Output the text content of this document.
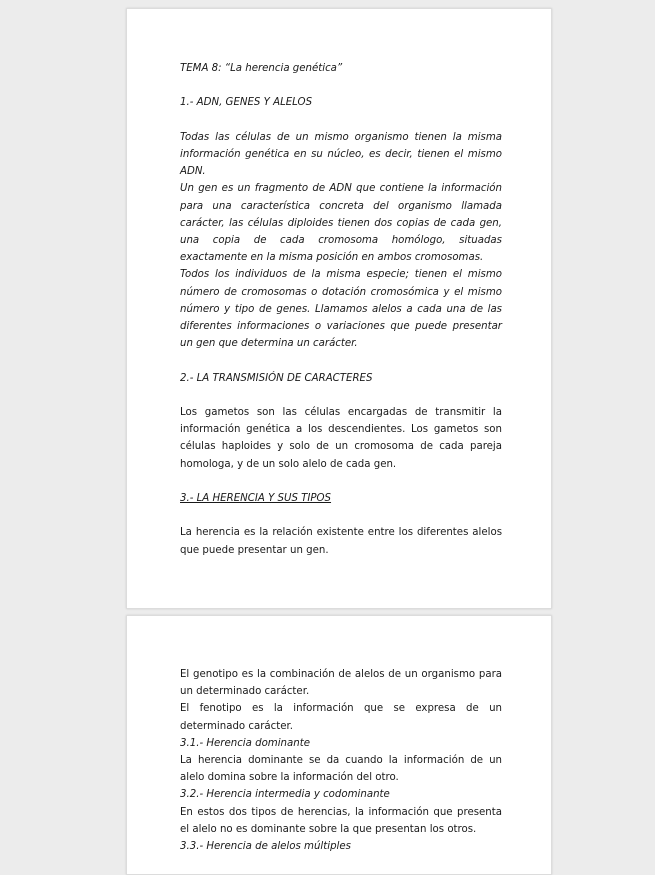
TEMA 8: “La herencia genética”

1.- ADN, GENES Y ALELOS

Todas las células de un mismo organismo tienen la misma información genética en su núcleo, es decir, tienen el mismo ADN.

Un gen es un fragmento de ADN que contiene la información para una característica concreta del organismo llamada carácter, las células diploides tienen dos copias de cada gen, una copia de cada cromosoma homólogo, situadas exactamente en la misma posición en ambos cromosomas.

Todos los individuos de la misma especie; tienen el mismo número de cromosomas o dotación cromosómica y el mismo número y tipo de genes. Llamamos alelos a cada una de las diferentes informaciones o variaciones que puede presentar un gen que determina un carácter.

2.- LA TRANSMISIÓN DE CARACTERES

Los gametos son las células encargadas de transmitir la información genética a los descendientes. Los gametos son células haploides y solo de un cromosoma de cada pareja homologa, y de un solo alelo de cada gen.

3.- LA HERENCIA Y SUS TIPOS

La herencia es la relación existente entre los diferentes alelos que puede presentar un gen.

El genotipo es la combinación de alelos de un organismo para un determinado carácter.

El fenotipo es la información que se expresa de un determinado carácter.

3.1.- Herencia dominante

La herencia dominante se da cuando la información de un alelo domina sobre la información del otro.

3.2.- Herencia intermedia y codominante

En estos dos tipos de herencias, la información que presenta el alelo no es dominante sobre la que presentan los otros.

3.3.- Herencia de alelos múltiples
